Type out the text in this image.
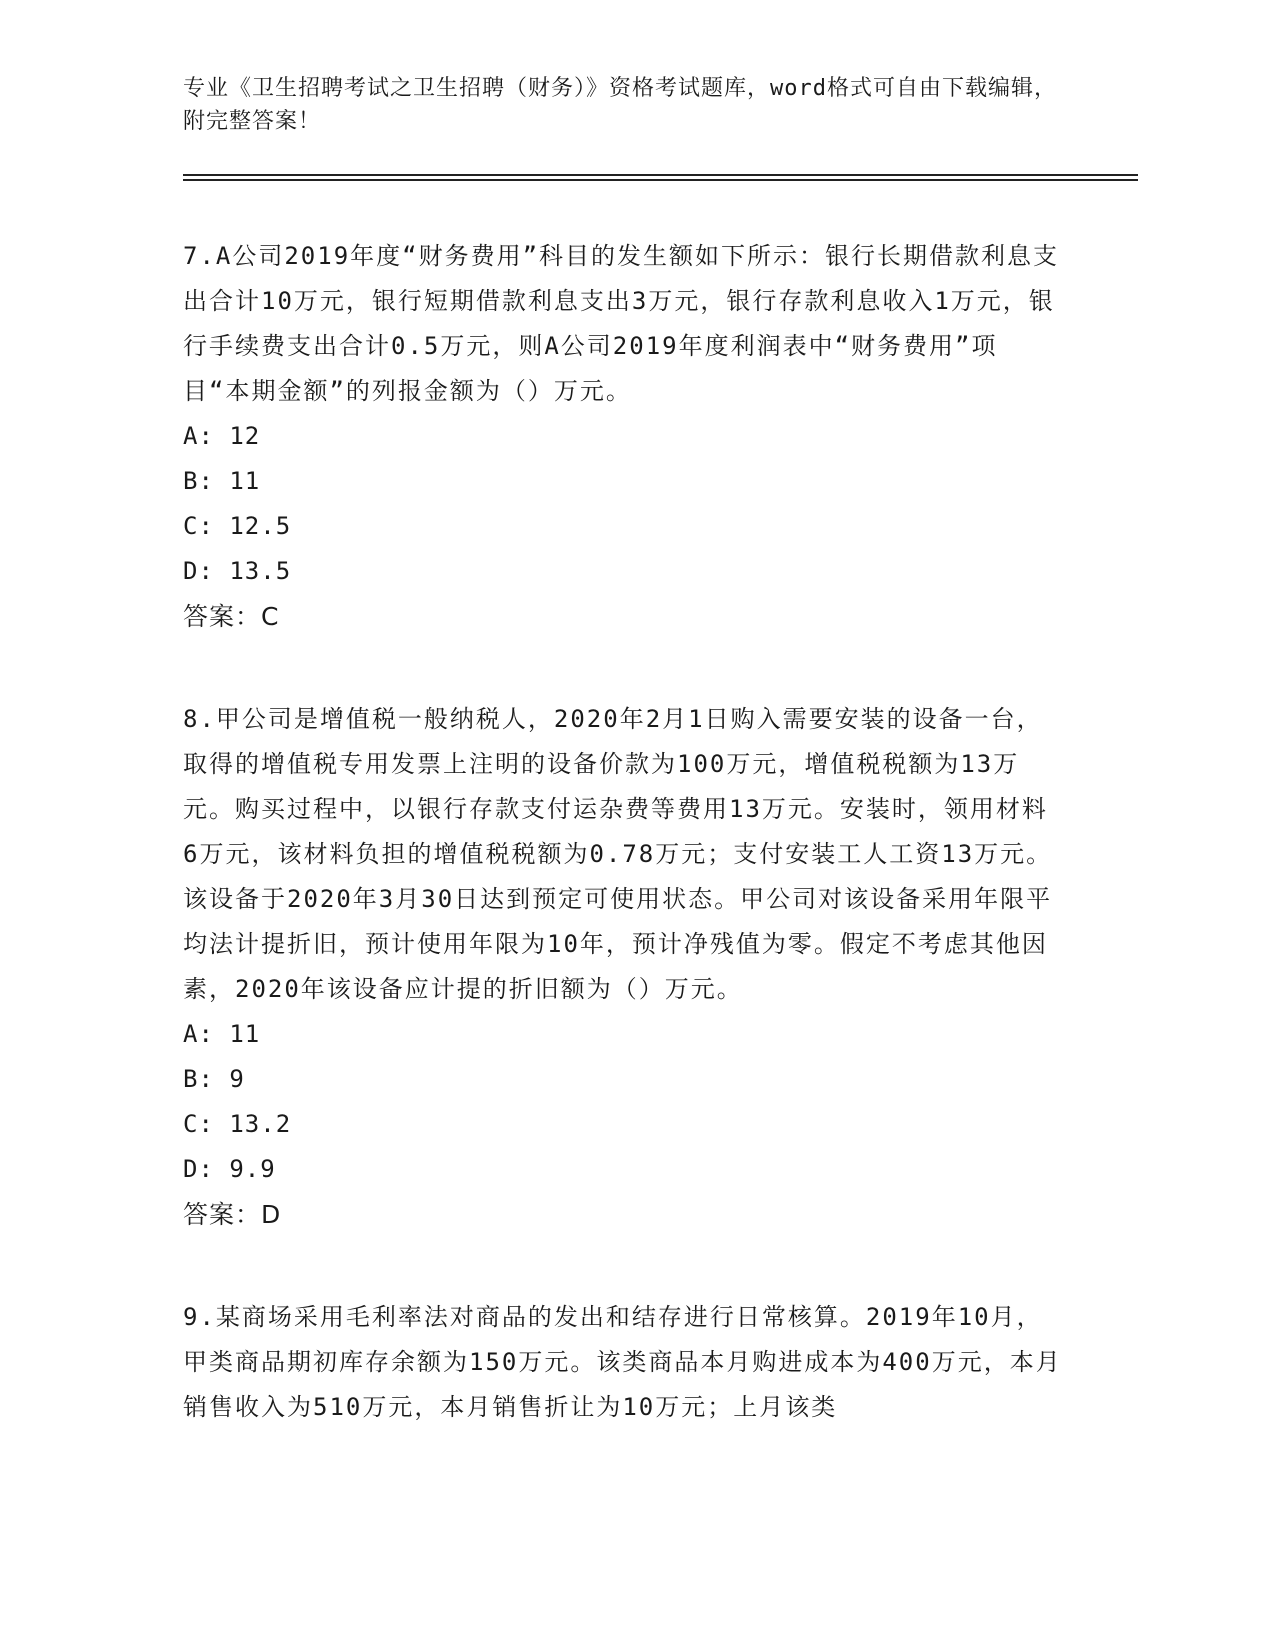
专业《卫生招聘考试之卫生招聘（财务）》资格考试题库，word格式可自由下载编辑，附完整答案！

7.A公司2019年度“财务费用”科目的发生额如下所示：银行长期借款利息支出合计10万元，银行短期借款利息支出3万元，银行存款利息收入1万元，银行手续费支出合计0.5万元，则A公司2019年度利润表中“财务费用”项目“本期金额”的列报金额为（）万元。

A: 12

B: 11

C: 12.5

D: 13.5

答案：C

8.甲公司是增值税一般纳税人，2020年2月1日购入需要安装的设备一台，取得的增值税专用发票上注明的设备价款为100万元，增值税税额为13万元。购买过程中，以银行存款支付运杂费等费用13万元。安装时，领用材料6万元，该材料负担的增值税税额为0.78万元；支付安装工人工资13万元。该设备于2020年3月30日达到预定可使用状态。甲公司对该设备采用年限平均法计提折旧，预计使用年限为10年，预计净残值为零。假定不考虑其他因素，2020年该设备应计提的折旧额为（）万元。

A: 11

B: 9

C: 13.2

D: 9.9

答案：D

9.某商场采用毛利率法对商品的发出和结存进行日常核算。2019年10月，甲类商品期初库存余额为150万元。该类商品本月购进成本为400万元，本月销售收入为510万元，本月销售折让为10万元；上月该类
